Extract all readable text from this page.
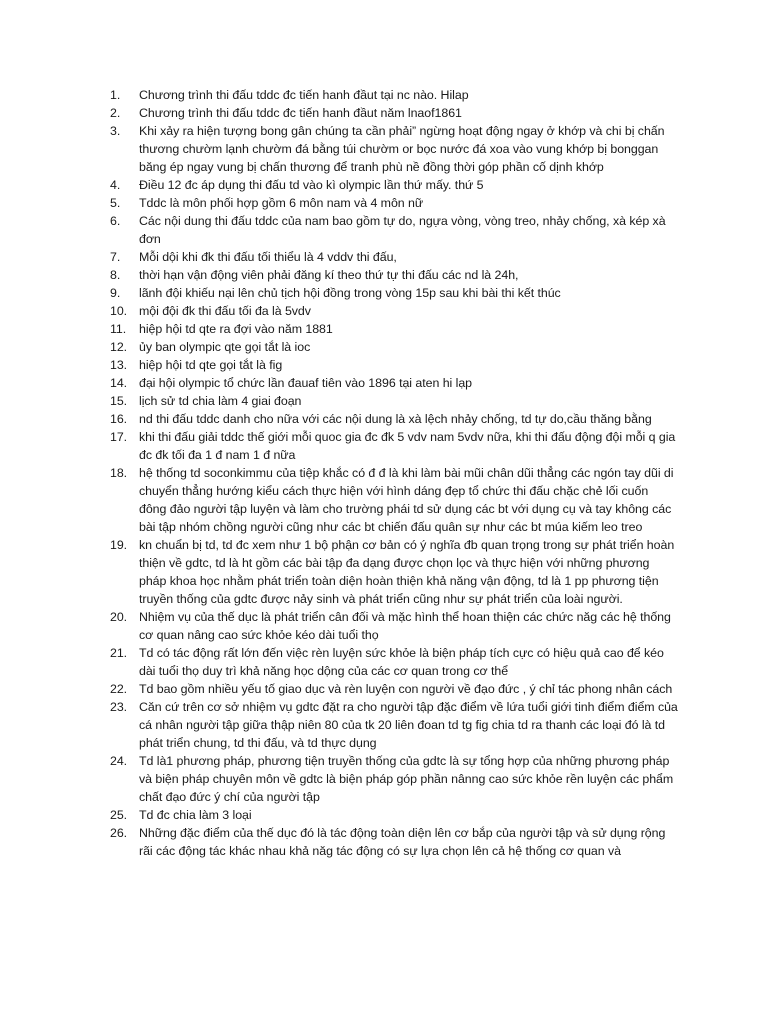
1.	Chương trình thi đấu tddc đc tiến hanh đầut tại nc nào. Hilap
2.	Chương trình thi đấu tddc đc tiến hanh đầut năm lnaof1861
3.	Khi xảy ra hiện tượng bong gân chúng ta cần phải” ngừng hoạt động ngay ở khớp và chi bị chấn thương chườm lạnh chườm đá bằng túi chườm or bọc nước đá xoa vào vung khớp bị bonggan băng ép ngay vung bị chấn thương để tranh phù nề đồng thời góp phần cố dịnh khớp
4.	Điều 12 đc áp dụng thi đấu td vào kì olympic lần thứ mấy. thứ 5
5.	Tddc là môn phối hợp gồm 6 môn nam và 4 môn nữ
6.	Các nội dung thi đấu tddc của nam bao gồm tự do, ngựa vòng, vòng treo, nhảy chống, xà kép xà đơn
7.	Mỗi dội khi đk thi đấu tối thiểu là 4 vddv thi đấu,
8.	thời hạn vận động viên phải đăng kí theo thứ tự thi đấu các nd là 24h,
9.	lãnh đội khiếu nại lên chủ tịch hội đồng trong vòng 15p sau khi bài thi kết thúc
10. mội đội đk thi đấu tối đa là 5vdv
11.	hiệp hội td qte ra đợi vào năm 1881
12. ủy ban olympic qte gọi tắt là ioc
13. hiệp hội td qte gọi tắt là fig
14. đại hội olympic tổ chức lần đauaf tiên vào 1896 tại aten hi lạp
15. lịch sử td chia làm 4 giai đoạn
16. nd thi đấu tddc danh cho nữa với các nội dung là xà lệch nhảy chống, td tự do,cầu thăng bằng
17. khi thi đấu giải tddc thế giới mỗi quoc gia đc đk 5 vdv nam 5vdv nữa, khi thi đấu động đội mỗi q gia đc đk tối đa 1 đ nam 1 đ nữa
18. hệ thống td soconkimmu của tiệp khắc có đ đ là khi làm bài mũi chân dũi thẳng các ngón tay dũi di chuyển thẳng hướng kiểu cách thực hiện với hình dáng đẹp tổ chức thi đấu chặc chẻ lối cuốn đông đảo người tập luyện và làm cho trường phái td sử dụng các bt với dụng cụ và tay không các bài tập nhóm chồng người cũng như các bt chiến đấu quân sự như các bt múa kiếm leo treo
19. kn chuẩn bị td, td đc xem như 1 bộ phận cơ bản có ý nghĩa đb quan trọng trong sự phát triển hoàn thiện về gdtc, td là ht gồm các bài tập đa dạng được chọn lọc và thực hiện với những phương pháp khoa học nhằm phát triển toàn diện hoàn thiện khả năng vận động, td là 1 pp phương tiện truyền thống của gdtc được nảy sinh và phát triển cũng như sự phát triển của loài người.
20. Nhiệm vụ của thế dục là phát triển cân đối và mặc hình thể hoan thiện các chức năg các hệ thống cơ quan nâng cao sức khỏe kéo dài tuổi thọ
21. Td có tác động rất lớn đến việc rèn luyện sức khỏe là biện pháp tích cực có hiệu quả cao để kéo dài tuổi thọ duy trì khả năng học dộng của các cơ quan trong cơ thể
22. Td bao gồm nhiều yếu tố giao dục và rèn luyện con người về đạo đức , ý chỉ tác phong nhân cách
23. Căn cứ trên cơ sở nhiệm vụ gdtc đặt ra cho người tập đặc điểm về lứa tuổi giới tinh điểm điểm của cá nhân người tập giữa thập niên 80 của tk 20 liên đoan td tg fig chia td ra thanh các loại đó là td phát triển chung, td thi đấu, và td thực dụng
24. Td là1 phương pháp, phương tiện truyền thống của gdtc là sự tổng hợp của những phương pháp và biện pháp chuyên môn về gdtc là biện pháp góp phần nânng cao sức khỏe rền luyện các phẩm chất đạo đức ý chí của người tập
25. Td đc chia làm 3 loại
26. Những đặc điểm của thế dục đó là tác động toàn diện lên cơ bắp của người tập và sử dụng rộng rãi các động tác khác nhau khả năg tác động có sự lựa chọn lên cả hệ thống cơ quan và
